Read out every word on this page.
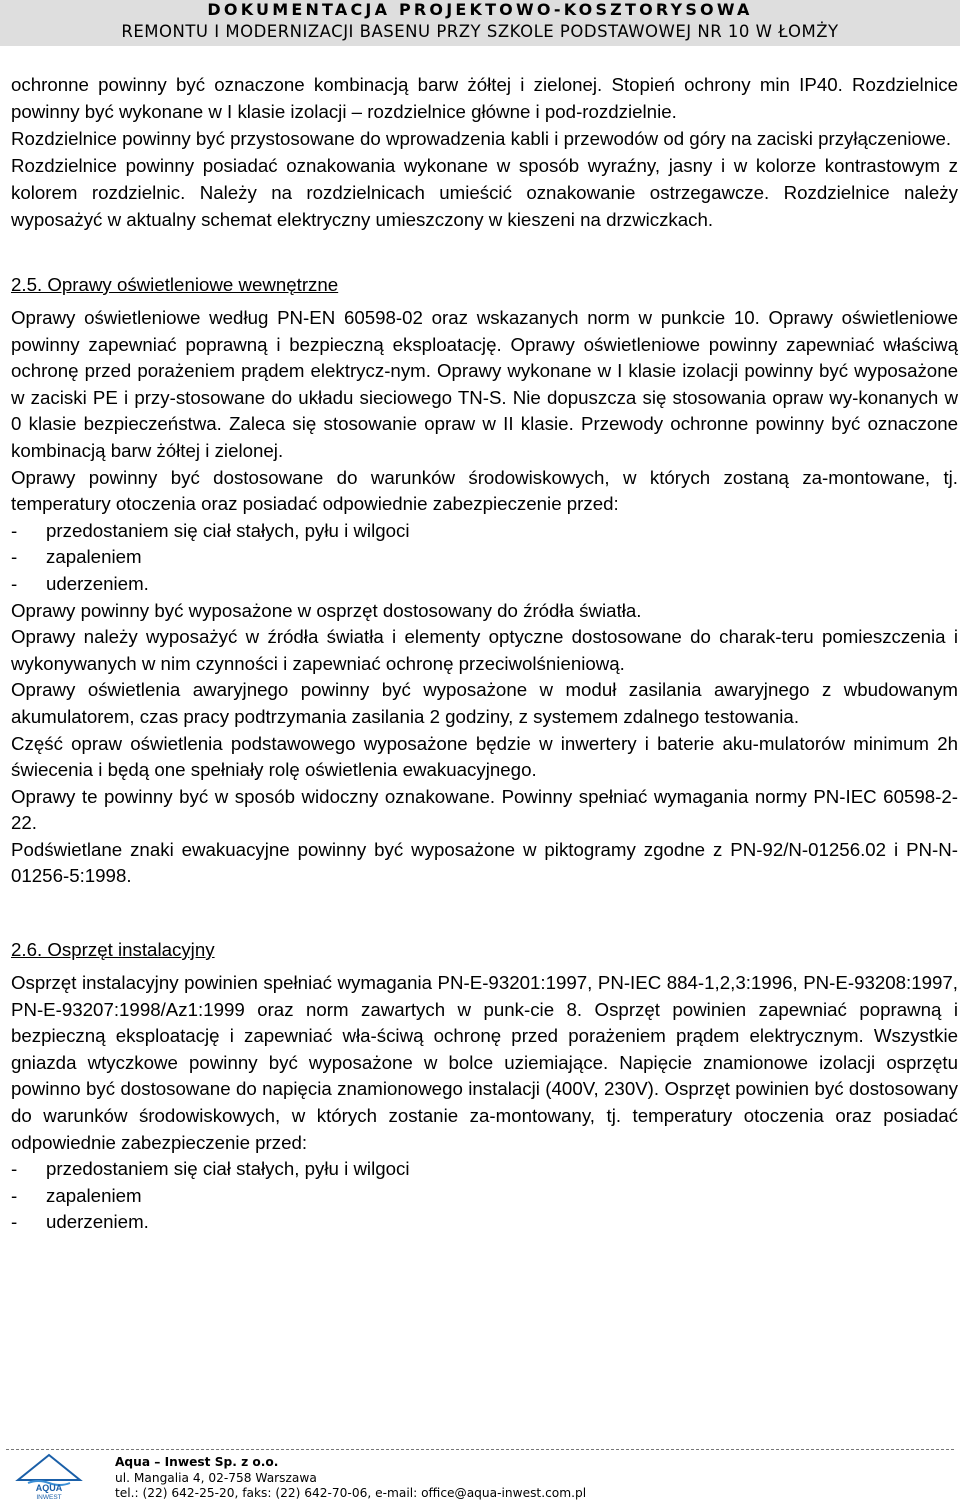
DOKUMENTACJA PROJEKTOWO-KOSZTORYSOWA
REMONTU I MODERNIZACJI BASENU PRZY SZKOLE PODSTAWOWEJ NR 10 W ŁOMŻY

ochronne powinny być oznaczone kombinacją barw żółtej i zielonej. Stopień ochrony min IP40. Rozdzielnice powinny być wykonane w I klasie izolacji – rozdzielnice główne i pod-rozdzielnie.

Rozdzielnice powinny być przystosowane do wprowadzenia kabli i przewodów od góry na zaciski przyłączeniowe.

Rozdzielnice powinny posiadać oznakowania wykonane w sposób wyraźny, jasny i w kolorze kontrastowym z kolorem rozdzielnic. Należy na rozdzielnicach umieścić oznakowanie ostrzegawcze. Rozdzielnice należy wyposażyć w aktualny schemat elektryczny umieszczony w kieszeni na drzwiczkach.

2.5. Oprawy oświetleniowe wewnętrzne

Oprawy oświetleniowe według PN-EN 60598-02 oraz wskazanych norm w punkcie 10. Oprawy oświetleniowe powinny zapewniać poprawną i bezpieczną eksploatację. Oprawy oświetleniowe powinny zapewniać właściwą ochronę przed porażeniem prądem elektrycz-nym. Oprawy wykonane w I klasie izolacji powinny być wyposażone w zaciski PE i przy-stosowane do układu sieciowego TN-S. Nie dopuszcza się stosowania opraw wy-konanych w 0 klasie bezpieczeństwa. Zaleca się stosowanie opraw w II klasie. Przewody ochronne powinny być oznaczone kombinacją barw żółtej i zielonej.

Oprawy powinny być dostosowane do warunków środowiskowych, w których zostaną za-montowane, tj. temperatury otoczenia oraz posiadać odpowiednie zabezpieczenie przed:

-	przedostaniem się ciał stałych, pyłu i wilgoci
-	zapaleniem
-	uderzeniem.

Oprawy powinny być wyposażone w osprzęt dostosowany do źródła światła.

Oprawy należy wyposażyć w źródła światła i elementy optyczne dostosowane do charak-teru pomieszczenia i wykonywanych w nim czynności i zapewniać ochronę przeciwolśnieniową.

Oprawy oświetlenia awaryjnego powinny być wyposażone w moduł zasilania awaryjnego z wbudowanym akumulatorem, czas pracy podtrzymania zasilania 2 godziny, z systemem zdalnego testowania.

Część opraw oświetlenia podstawowego wyposażone będzie w inwertery i baterie aku-mulatorów minimum 2h świecenia i będą one spełniały rolę oświetlenia ewakuacyjnego.

Oprawy te powinny być w sposób widoczny oznakowane. Powinny spełniać wymagania normy PN-IEC 60598-2-22.

Podświetlane znaki ewakuacyjne powinny być wyposażone w piktogramy zgodne z PN-92/N-01256.02 i PN-N-01256-5:1998.

2.6. Osprzęt instalacyjny

Osprzęt instalacyjny powinien spełniać wymagania PN-E-93201:1997, PN-IEC 884-1,2,3:1996, PN-E-93208:1997, PN-E-93207:1998/Az1:1999 oraz norm zawartych w punk-cie 8. Osprzęt powinien zapewniać poprawną i bezpieczną eksploatację i zapewniać wła-ściwą ochronę przed porażeniem prądem elektrycznym. Wszystkie gniazda wtyczkowe powinny być wyposażone w bolce uziemiające. Napięcie znamionowe izolacji osprzętu powinno być dostosowane do napięcia znamionowego instalacji (400V, 230V). Osprzęt powinien być dostosowany do warunków środowiskowych, w których zostanie za-montowany, tj. temperatury otoczenia oraz posiadać odpowiednie zabezpieczenie przed:

-	przedostaniem się ciał stałych, pyłu i wilgoci
-	zapaleniem
-	uderzeniem.
AQUA
INWEST
Aqua – Inwest Sp. z o.o.
ul. Mangalia 4, 02-758 Warszawa
tel.: (22) 642-25-20, faks: (22) 642-70-06, e-mail: office@aqua-inwest.com.pl
